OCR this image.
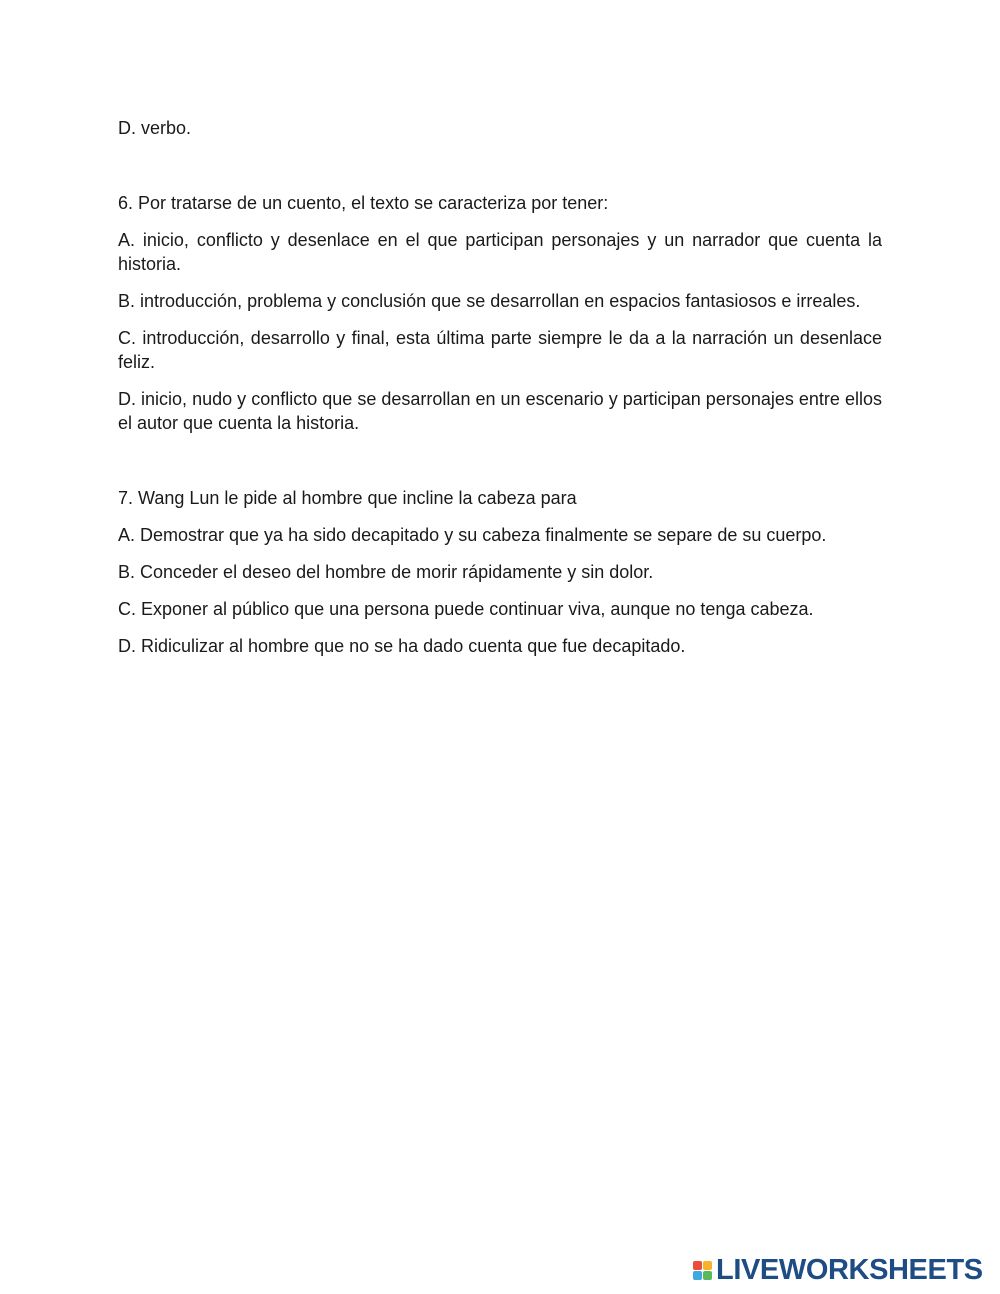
D. verbo.

6. Por tratarse de un cuento, el texto se caracteriza por tener:

A. inicio, conflicto y desenlace en el que participan personajes y un narrador que cuenta la historia.

B. introducción, problema y conclusión que se desarrollan en espacios fantasiosos e irreales.

C. introducción, desarrollo y final, esta última parte siempre le da a la narración un desenlace feliz.

D. inicio, nudo y conflicto que se desarrollan en un escenario y participan personajes entre ellos el autor que cuenta la historia.

7. Wang Lun le pide al hombre que incline la cabeza para

A. Demostrar que ya ha sido decapitado y su cabeza finalmente se separe de su cuerpo.

B. Conceder el deseo del hombre de morir rápidamente y sin dolor.

C. Exponer al público que una persona puede continuar viva, aunque no tenga cabeza.

D. Ridiculizar al hombre que no se ha dado cuenta que fue decapitado.

LIVEWORKSHEETS
